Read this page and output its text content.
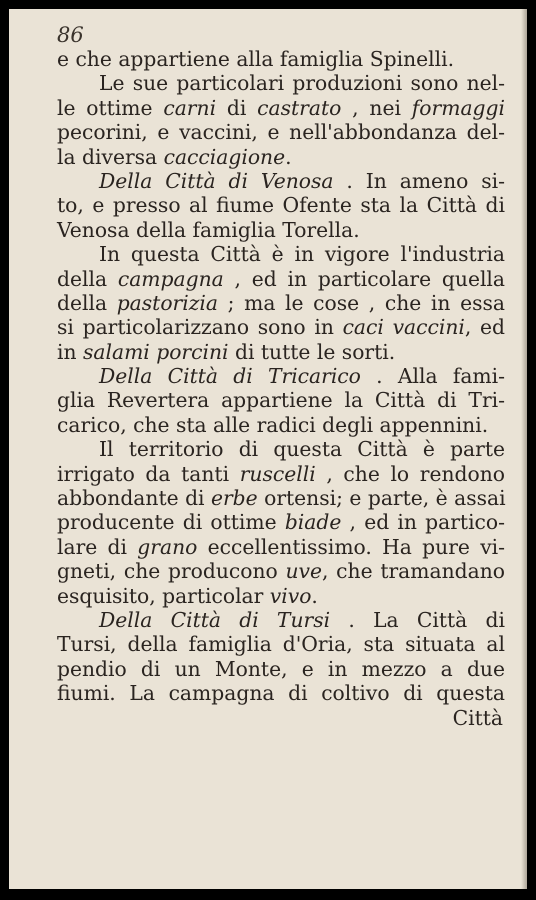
86
e che appartiene alla famiglia Spinelli.
Le sue particolari produzioni sono nel-
le ottime carni di castrato , nei formaggi
pecorini, e vaccini, e nell'abbondanza del-
la diversa cacciagione.
Della Città di Venosa . In ameno si-
to, e presso al fiume Ofente sta la Città di
Venosa della famiglia Torella.
In questa Città è in vigore l'industria
della campagna , ed in particolare quella
della pastorizia ; ma le cose , che in essa
si particolarizzano sono in caci vaccini, ed
in salami porcini di tutte le sorti.
Della Città di Tricarico . Alla fami-
glia Revertera appartiene la Città di Tri-
carico, che sta alle radici degli appennini.
Il territorio di questa Città è parte
irrigato da tanti ruscelli , che lo rendono
abbondante di erbe ortensi; e parte, è assai
producente di ottime biade , ed in partico-
lare di grano eccellentissimo. Ha pure vi-
gneti, che producono uve, che tramandano
esquisito, particolar vivo.
Della Città di Tursi . La Città di
Tursi, della famiglia d'Oria, sta situata al
pendio di un Monte, e in mezzo a due
fiumi. La campagna di coltivo di questa
Città
